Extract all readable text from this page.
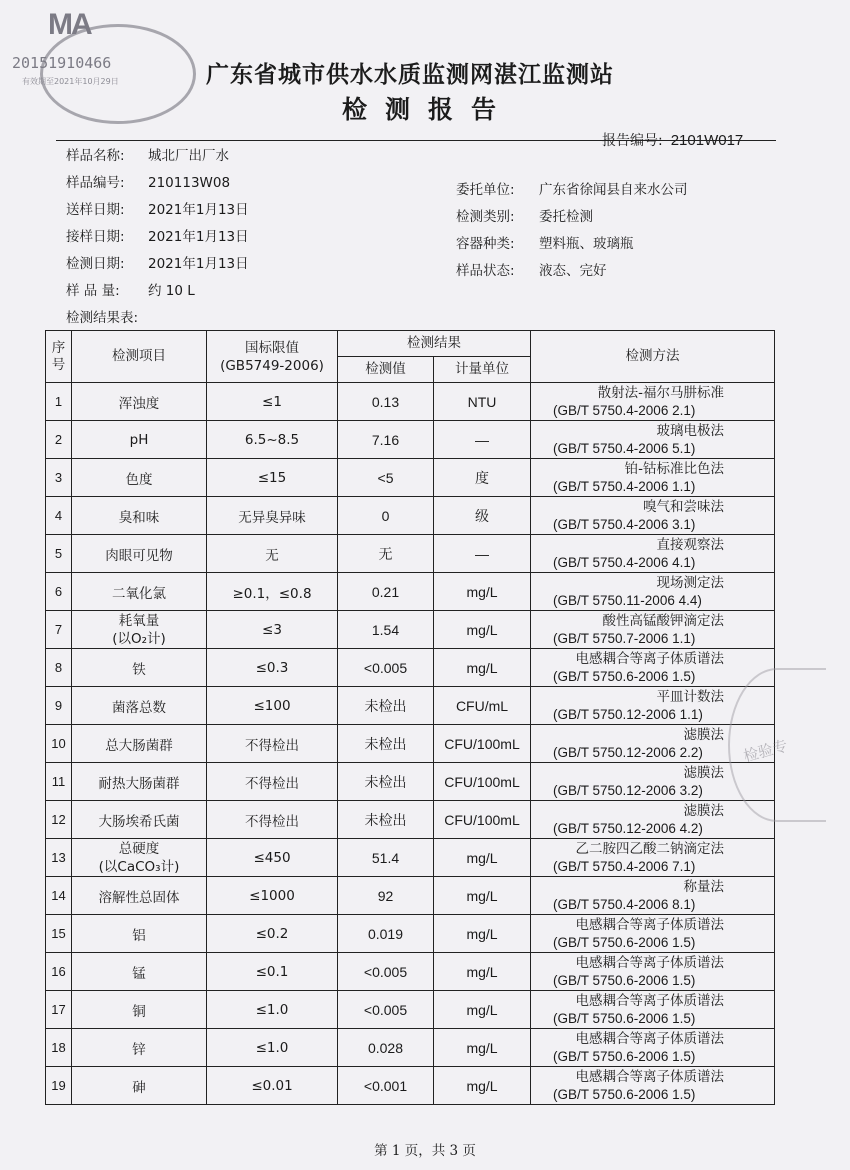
MA
20151910466
有效期至2021年10月29日	广东省城市供水水质监测网湛江监测站
检测报告
报告编号: 2101W017
样品名称: 城北厂出厂水
样品编号: 210113W08
送样日期: 2021年1月13日
接样日期: 2021年1月13日
检测日期: 2021年1月13日
样 品 量: 约 10 L
委托单位: 广东省徐闻县自来水公司
检测类别: 委托检测
容器种类: 塑料瓶、玻璃瓶
样品状态: 液态、完好
检测结果表:
序号	检测项目	国标限值
(GB5749-2006)	检测结果		检测方法
			检测值	计量单位	
1	浑浊度	≤1	0.13	NTU	散射法-福尔马肼标准
(GB/T 5750.4-2006 2.1)

2	pH	6.5~8.5	7.16	—	玻璃电极法
(GB/T 5750.4-2006 5.1)

3	色度	≤15	<5	度	铂-钴标准比色法
(GB/T 5750.4-2006 1.1)

4	臭和味	无异臭异味	0	级	嗅气和尝味法
(GB/T 5750.4-2006 3.1)

5	肉眼可见物	无	无	—	直接观察法
(GB/T 5750.4-2006 4.1)

6	二氧化氯	≥0.1，≤0.8	0.21	mg/L	现场测定法
(GB/T 5750.11-2006 4.4)

7	耗氧量
(以O₂计)	≤3	1.54	mg/L	酸性高锰酸钾滴定法
(GB/T 5750.7-2006 1.1)

8	铁	≤0.3	<0.005	mg/L	电感耦合等离子体质谱法
(GB/T 5750.6-2006 1.5)

9	菌落总数	≤100	未检出	CFU/mL	平皿计数法
(GB/T 5750.12-2006 1.1)

10	总大肠菌群	不得检出	未检出	CFU/100mL	滤膜法
(GB/T 5750.12-2006 2.2)

11	耐热大肠菌群	不得检出	未检出	CFU/100mL	滤膜法
(GB/T 5750.12-2006 3.2)

12	大肠埃希氏菌	不得检出	未检出	CFU/100mL	滤膜法
(GB/T 5750.12-2006 4.2)

13	总硬度
(以CaCO₃计)	≤450	51.4	mg/L	乙二胺四乙酸二钠滴定法
(GB/T 5750.4-2006 7.1)

14	溶解性总固体	≤1000	92	mg/L	称量法
(GB/T 5750.4-2006 8.1)

15	铝	≤0.2	0.019	mg/L	电感耦合等离子体质谱法
(GB/T 5750.6-2006 1.5)

16	锰	≤0.1	<0.005	mg/L	电感耦合等离子体质谱法
(GB/T 5750.6-2006 1.5)

17	铜	≤1.0	<0.005	mg/L	电感耦合等离子体质谱法
(GB/T 5750.6-2006 1.5)

18	锌	≤1.0	0.028	mg/L	电感耦合等离子体质谱法
(GB/T 5750.6-2006 1.5)

19	砷	≤0.01	<0.001	mg/L	电感耦合等离子体质谱法
(GB/T 5750.6-2006 1.5)
检验专
第 1 页，共 3 页
